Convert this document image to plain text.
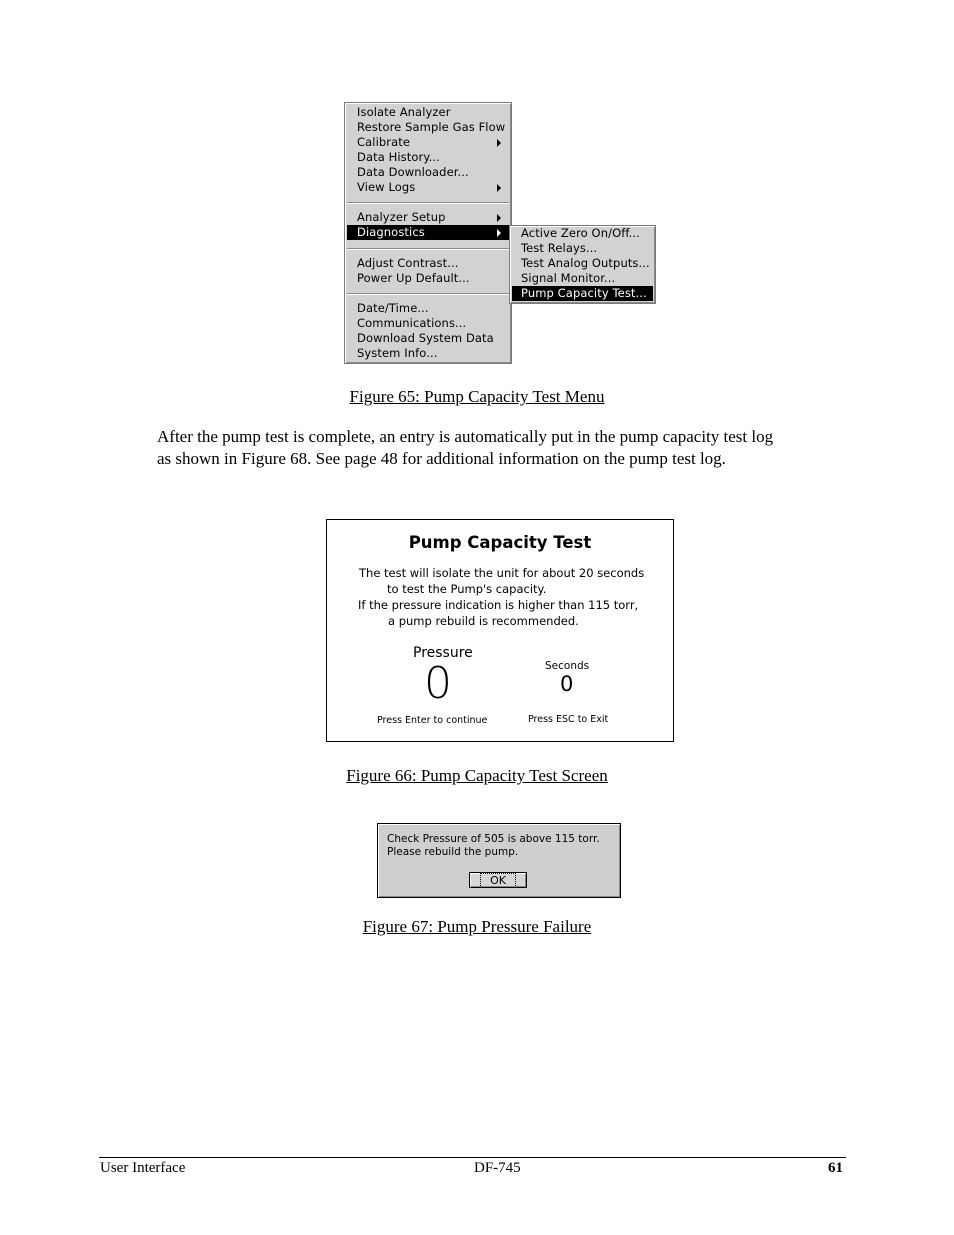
Isolate Analyzer
Restore Sample Gas Flow
Calibrate
Data History...
Data Downloader...
View Logs
Analyzer Setup
Diagnostics
Adjust Contrast...
Power Up Default...
Date/Time...
Communications...
Download System Data
System Info...
Active Zero On/Off...
Test Relays...
Test Analog Outputs...
Signal Monitor...
Pump Capacity Test...
Figure 65: Pump Capacity Test Menu
After the pump test is complete, an entry is automatically put in the pump capacity test log
as shown in Figure 68. See page 48 for additional information on the pump test log.
Pump Capacity Test
The test will isolate the unit for about 20 seconds
to test the Pump's capacity.
If the pressure indication is higher than 115 torr,
a pump rebuild is recommended.
Pressure
0	Seconds
0
Press Enter to continue	Press ESC to Exit
Figure 66: Pump Capacity Test Screen
Check Pressure of 505 is above 115 torr.
Please rebuild the pump.
OK
Figure 67: Pump Pressure Failure
User Interface	DF-745	61
